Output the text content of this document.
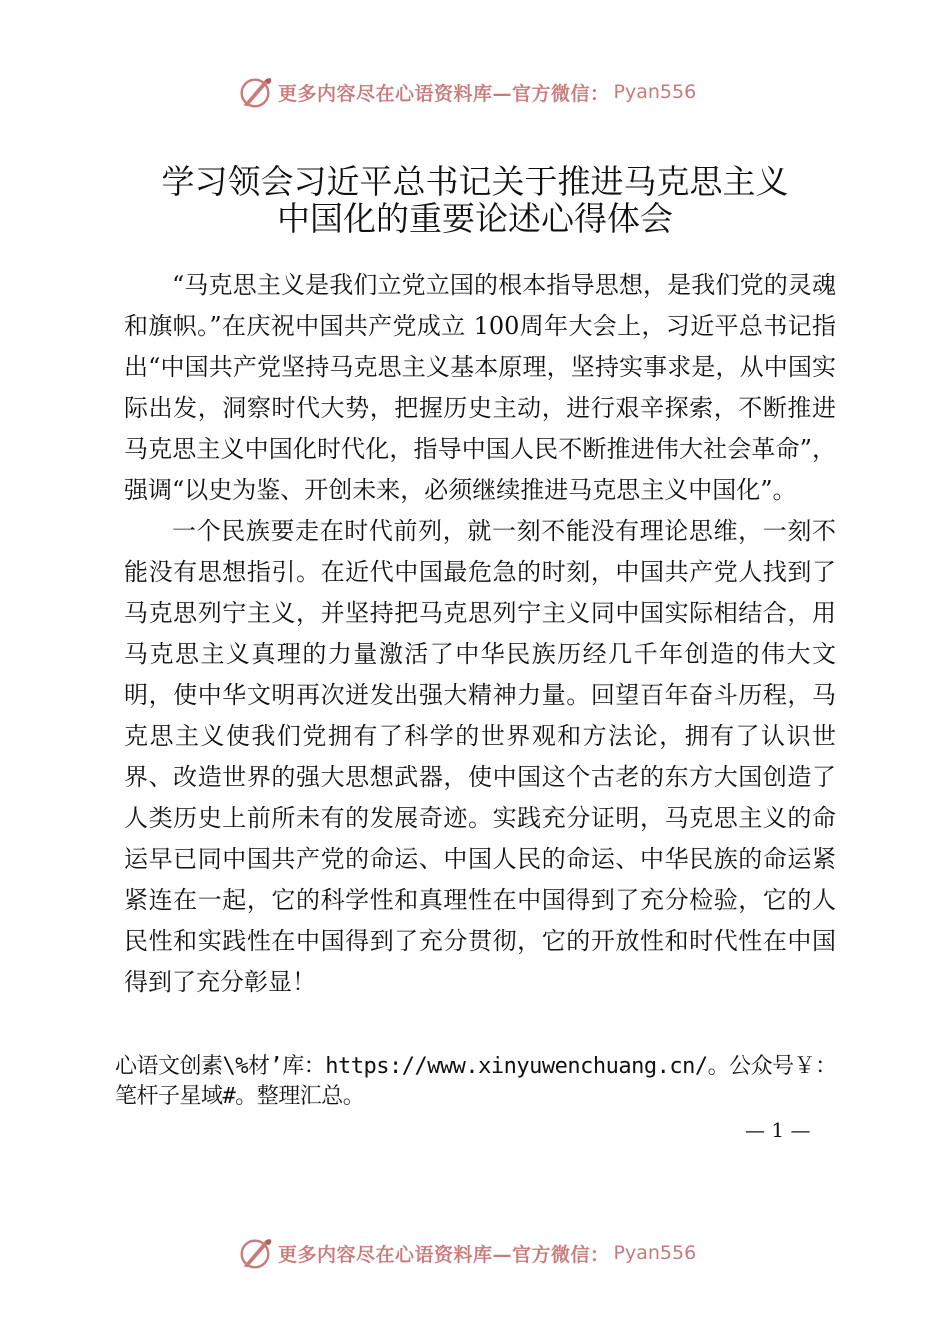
更多内容尽在心语资料库—官方微信： Pyan556
学习领会习近平总书记关于推进马克思主义
中国化的重要论述心得体会

“马克思主义是我们立党立国的根本指导思想，是我们党的灵魂和旗帜。”在庆祝中国共产党成立 100周年大会上，习近平总书记指出“中国共产党坚持马克思主义基本原理，坚持实事求是，从中国实际出发，洞察时代大势，把握历史主动，进行艰辛探索，不断推进马克思主义中国化时代化，指导中国人民不断推进伟大社会革命”，强调“以史为鉴、开创未来，必须继续推进马克思主义中国化”。

一个民族要走在时代前列，就一刻不能没有理论思维，一刻不能没有思想指引。在近代中国最危急的时刻，中国共产党人找到了马克思列宁主义，并坚持把马克思列宁主义同中国实际相结合，用马克思主义真理的力量激活了中华民族历经几千年创造的伟大文明，使中华文明再次迸发出强大精神力量。回望百年奋斗历程，马克思主义使我们党拥有了科学的世界观和方法论，拥有了认识世界、改造世界的强大思想武器，使中国这个古老的东方大国创造了人类历史上前所未有的发展奇迹。实践充分证明，马克思主义的命运早已同中国共产党的命运、中国人民的命运、中华民族的命运紧紧连在一起，它的科学性和真理性在中国得到了充分检验，它的人民性和实践性在中国得到了充分贯彻，它的开放性和时代性在中国得到了充分彰显！

心语文创素\%材’库：https://www.xinyuwenchuang.cn/。公众号￥：笔杆子星域#。整理汇总。
— 1 —
更多内容尽在心语资料库—官方微信： Pyan556
